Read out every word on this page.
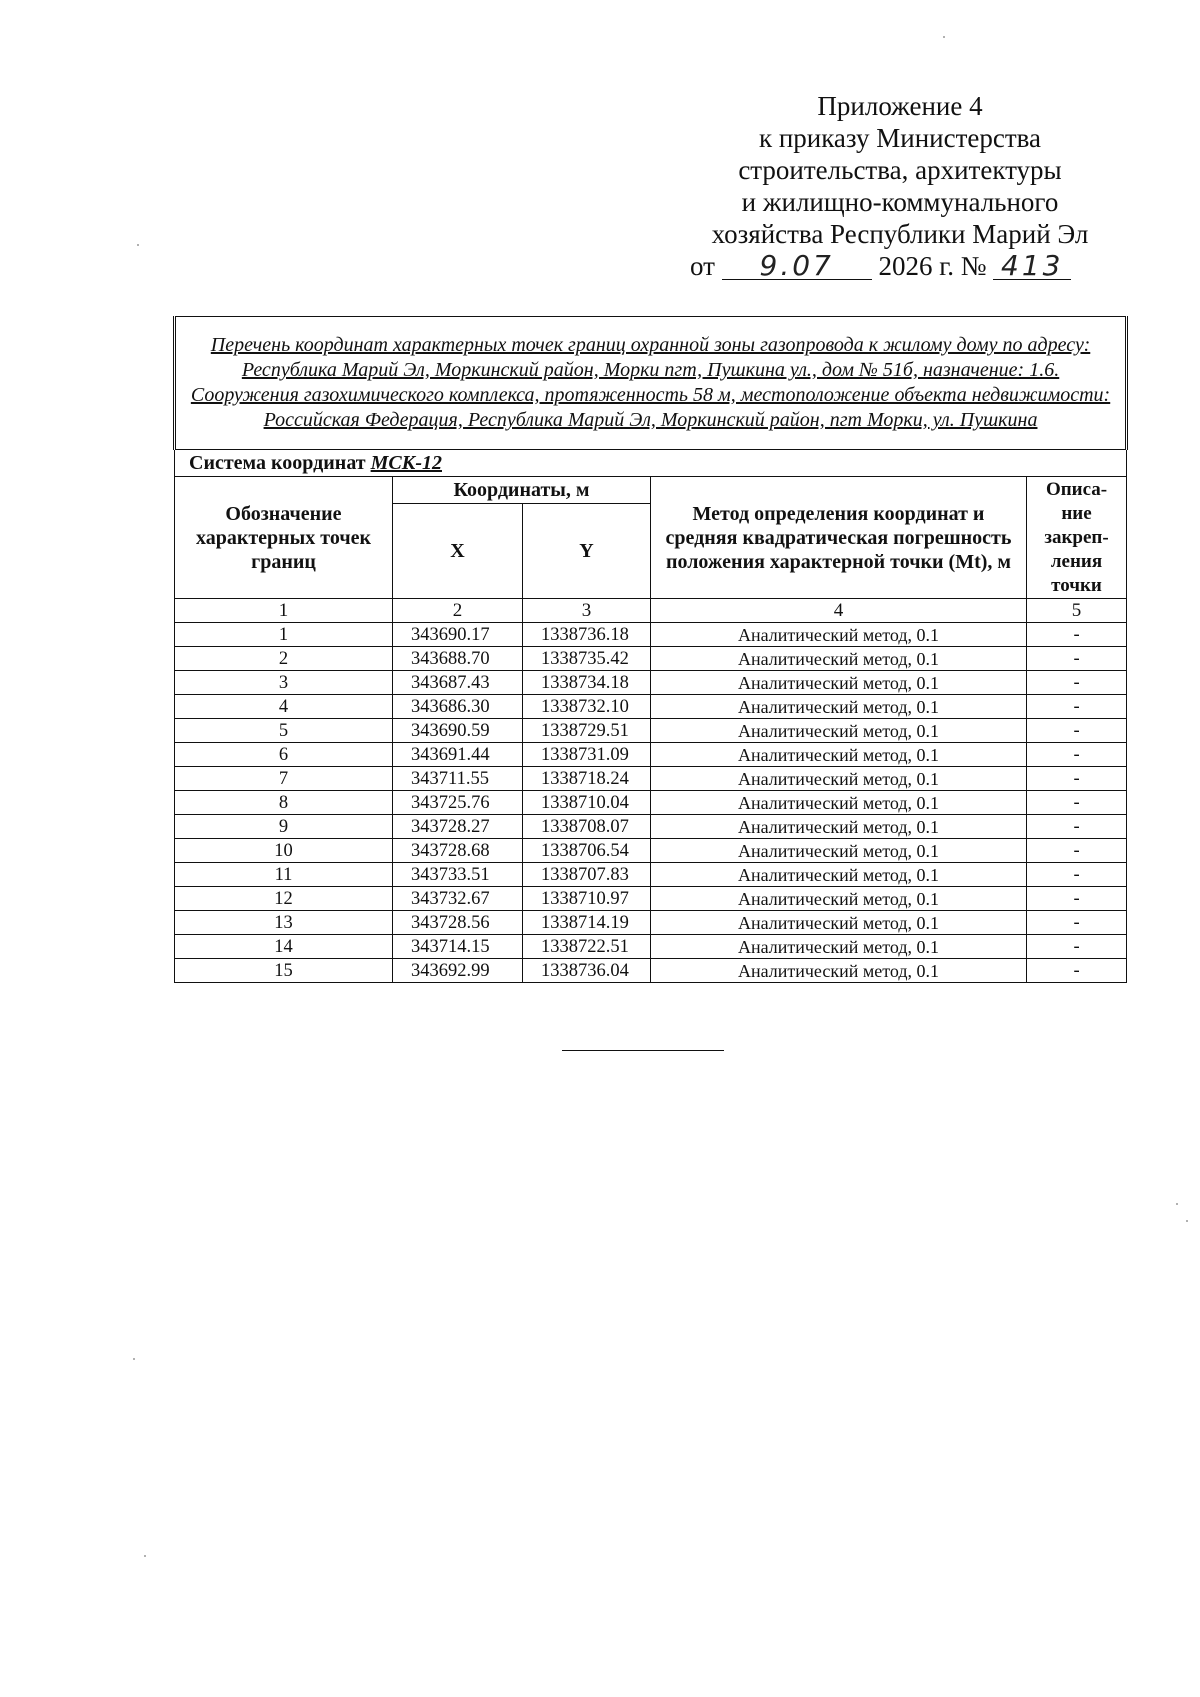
Приложение 4
к приказу Министерства
строительства, архитектуры
и жилищно-коммунального
хозяйства Республики Марий Эл
от 9.07 2026 г. № 413
Перечень координат характерных точек границ охранной зоны газопровода к жилому дому по адресу: Республика Марий Эл, Моркинский район, Морки пгт, Пушкина ул., дом № 51б, назначение: 1.6. Сооружения газохимического комплекса, протяженность 58 м, местоположение объекта недвижимости: Российская Федерация, Республика Марий Эл, Моркинский район, пгт Морки, ул. Пушкина				
Система координат МСК-12				
Обозначение характерных точек границ	Координаты, м		Метод определения координат и средняя квадратическая погрешность положения характерной точки (Mt), м	Описа-ние закреп-ления точки
	X	Y		
1	2	3	4	5
1	343690.17	1338736.18	Аналитический метод, 0.1	-
2	343688.70	1338735.42	Аналитический метод, 0.1	-
3	343687.43	1338734.18	Аналитический метод, 0.1	-
4	343686.30	1338732.10	Аналитический метод, 0.1	-
5	343690.59	1338729.51	Аналитический метод, 0.1	-
6	343691.44	1338731.09	Аналитический метод, 0.1	-
7	343711.55	1338718.24	Аналитический метод, 0.1	-
8	343725.76	1338710.04	Аналитический метод, 0.1	-
9	343728.27	1338708.07	Аналитический метод, 0.1	-
10	343728.68	1338706.54	Аналитический метод, 0.1	-
11	343733.51	1338707.83	Аналитический метод, 0.1	-
12	343732.67	1338710.97	Аналитический метод, 0.1	-
13	343728.56	1338714.19	Аналитический метод, 0.1	-
14	343714.15	1338722.51	Аналитический метод, 0.1	-
15	343692.99	1338736.04	Аналитический метод, 0.1	-
